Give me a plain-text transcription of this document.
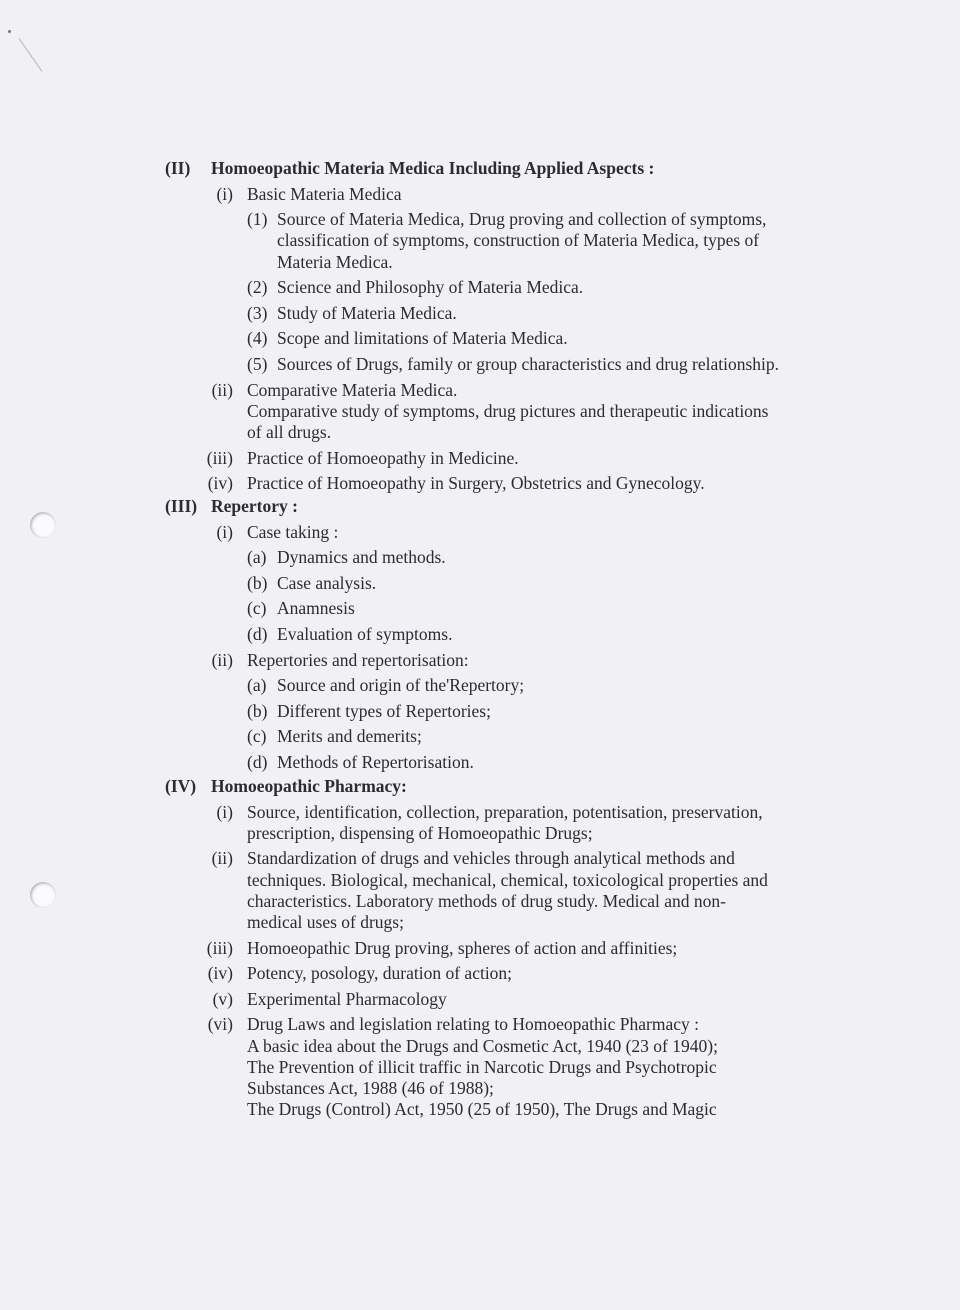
(II) Homoeopathic Materia Medica Including Applied Aspects :
(i) Basic Materia Medica
(1) Source of Materia Medica, Drug proving and collection of symptoms,
classification of symptoms, construction of Materia Medica, types of
Materia Medica.
(2) Science and Philosophy of Materia Medica.
(3) Study of Materia Medica.
(4) Scope and limitations of Materia Medica.
(5) Sources of Drugs, family or group characteristics and drug relationship.
(ii) Comparative Materia Medica.
Comparative study of symptoms, drug pictures and therapeutic indications
of all drugs.
(iii) Practice of Homoeopathy in Medicine.
(iv) Practice of Homoeopathy in Surgery, Obstetrics and Gynecology.
(III) Repertory :
(i) Case taking :
(a) Dynamics and methods.
(b) Case analysis.
(c) Anamnesis
(d) Evaluation of symptoms.
(ii) Repertories and repertorisation:
(a) Source and origin of the'Repertory;
(b) Different types of Repertories;
(c) Merits and demerits;
(d) Methods of Repertorisation.
(IV) Homoeopathic Pharmacy:
(i) Source, identification, collection, preparation, potentisation, preservation,
prescription, dispensing of Homoeopathic Drugs;
(ii) Standardization of drugs and vehicles through analytical methods and
techniques. Biological, mechanical, chemical, toxicological properties and
characteristics. Laboratory methods of drug study. Medical and non-
medical uses of drugs;
(iii) Homoeopathic Drug proving, spheres of action and affinities;
(iv) Potency, posology, duration of action;
(v) Experimental Pharmacology
(vi) Drug Laws and legislation relating to Homoeopathic Pharmacy :
A basic idea about the Drugs and Cosmetic Act, 1940 (23 of 1940);
The Prevention of illicit traffic in Narcotic Drugs and Psychotropic
Substances Act, 1988 (46 of 1988);
The Drugs (Control) Act, 1950 (25 of 1950), The Drugs and Magic
